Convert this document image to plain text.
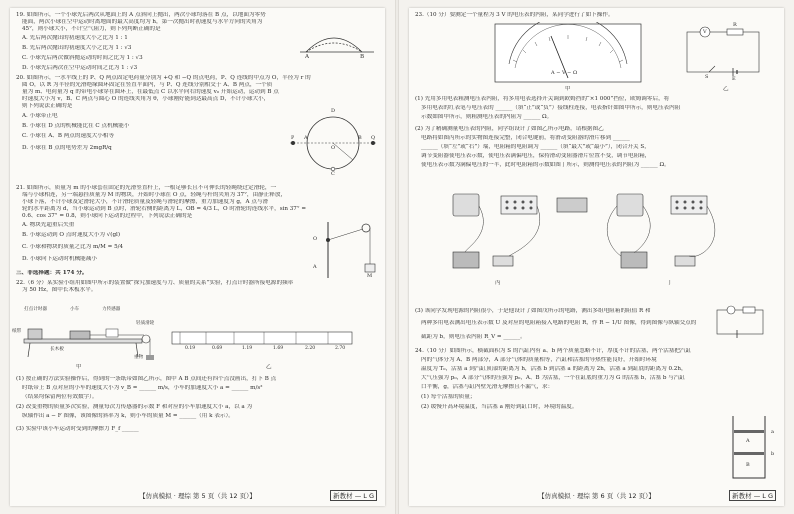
19. 如图所示，一个小球先后两次从地面上的 A 点斜向上抛出，两次小球均落在 B 点，以地面为零势
能面，两次小球在空中运动时离地面的最大高度均为 h，第一次抛出时初速度与水平方向的夹角为
45°，则小球大小，不计空气阻力，则下列判断正确的是
A. 先后两次抛出的初速度大小之比为 1 : 1
B. 先后两次抛出的初速度大小之比为 1 : √3
C. 小球先后两次做斜抛运动的时间之比为 1 : √3
D. 小球先后两次在空中运动时间之比为 1 : √3
A	B
20. 如图所示，一水平线上的 P、Q 两点固定电荷量分别为 +Q 和 −Q 的点电荷，P、Q 连线的中点为 O，半径为 r 的
圆 O，以 R 为半径的光滑绝缘圆环固定在竖直平面内，与 P、Q 连线分别相交于 A、B 两点，一个质
量为 m、电荷量为 q 的带电小球穿在圆环上，在最低点 C 以水平向右的速度 v₀ 开始运动，运动到 B 点
时速度大小为 v，B、C 两点与圆心 O 的连线夹角为 θ，小球刚好能到达最高点 D，不计小球大小，
则下列说法正确的是
A. 小球带正电
B. 小球在 D 点的机械能比在 C 点机械能小
C. 小球在 A、B 两点的速度大小相等
D. 小球在 B 点的电势差为 2mgR/q
P A
O
B Q
C
D
21. 如图所示，质量为 m 的小球套在固定的光滑竖直杆上，一根足够长且不可伸长的轻绳绕过定滑轮，一
端与小球相连，另一端悬挂质量为 M 的物块，开始时小球在 O 点，轻绳与杆的夹角为 37°，由静止释放，
小球下落，不计小球及定滑轮大小，不计滑轮质量及轻绳与滑轮的摩擦，重力加速度为 g，A 点与滑
轮的水平距离为 d，当小球运动到 B 点时，滑轮右侧的距离为 L，OB = 4/3 L，O 时滑轮的连线水平，sin 37° =
0.6、cos 37° = 0.8，则小球向下运动的过程中，下列说法正确的是
A. 物块先超重后失重
B. 小球运动到 O 点时速度大小为 √(gl)
C. 小球和物块的质量之比为 m/M = 5/4
D. 小球向下运动时机械能减小
O
A
M
三、非选择题：共 174 分。
22.（6 分）某实验小组用如图甲所示的装置做“探究加速度与力、质量的关系”实验，打点计时器所接电源的频率
为 50 Hz，图中长木板水平。
打点计时器	小车
纸带
长木板
力传感器
轻质滑轮
重物
甲
0.19	0.69	1.19	1.69	2.20	2.70
乙
(1) 按正确的方法实验操作后，得到的一条纸带如图乙所示，图中 A B 点间还有四个点没画出，打下 B 点
时纸带上 B 点对应的小车的速度大小为 v_B = ______ m/s，小车的加速度大小 a = ______ m/s²
（结果均保留两位有效数字）。
(2) 改变重物的质量多次实验，测量每次力传感器的示数 F 和对应的小车加速度大小 a，以 a 为
纵轴作出 a − F 图像，该图像的斜率为 k，则小车的质量 M = ______（用 k 表示）。
(3) 实验中该小车运动时受到的摩擦力 F_f ______
【仿真模拟 · 理综 第 5 页（共 12 页）】	新教材 — L G
23.（10 分）要测定一个量程为 3 V 的电压表的内阻，某同学进行了如下操作。
A − V − Ω
甲
V
R
S	E
乙
(1) 先用多用电表粗测电压表内阻，将多用电表选择开关调到欧姆挡的“×1 000”挡位，欧姆调零后，将
多用电表的红表笔与电压表的 ______（填“正”或“负”）接线柱连接，电表指针如图甲所示，则电压表内阻
示数如图甲所示，则粗测电压表的内阻为 ______ Ω。
(2) 为了精确测量电压表的内阻，同学组设计了如图乙所示电路，请根据图乙
电路将如图丙所示的实物图连接完整，闭合电键前，将滑动变阻器的滑片移到 ______
______（填“左”或“右”）端，电阻箱的电阻调为 ______（填“最大”或“最小”），闭合开关 S，
调节变阻器使电压表示数，使电压表满偏电压，保持滑动变阻器滑片位置不变，调节电阻箱，
使电压表示数为满偏电压的一半，此时电阻箱的示数如图丁所示，则测得电压表的内阻为 ______ Ω。
丙	丁
(3) 该同学发现电源的内阻很小，于是他设计了如图戊所示的电路，测出多组电阻箱的阻值 R 和
两种多用电表测出电压表示数 U 及对应的电阻箱接入电路的电阻 R，作 R − 1/U 图像，得到图像与纵轴交点的
截距为 b，则电压表内阻 R_V = ______。
24.（10 分）如图所示，横截面积为 S 的汽缸内有 a、b 两个质量忽略不计，厚度不计的活塞，两个活塞把汽缸
内的气体分为 A、B 两部分，A 部分气体的质量相等，汽缸和活塞的导热性能良好，开始时环境
温度为 T₀，活塞 a 到汽缸顶部的距离为 h，活塞 b 到活塞 a 的距离为 2h，活塞 a 到缸底的距离为 0.2h，
大气压强为 p₀，A 部分气体的压强为 p₀，A、B 为活塞，一个在缸底的重力为 G 的活塞 b，活塞 b 与汽缸
口平衡，g，活塞与缸内壁光滑无摩擦且不漏气，求：
(1) 每个活塞的质量；
(2) 缓慢升高环境温度，当活塞 a 刚好到缸口时，环境的温度。
A
B
a
b
【仿真模拟 · 理综 第 6 页（共 12 页）】	新教材 — L G
